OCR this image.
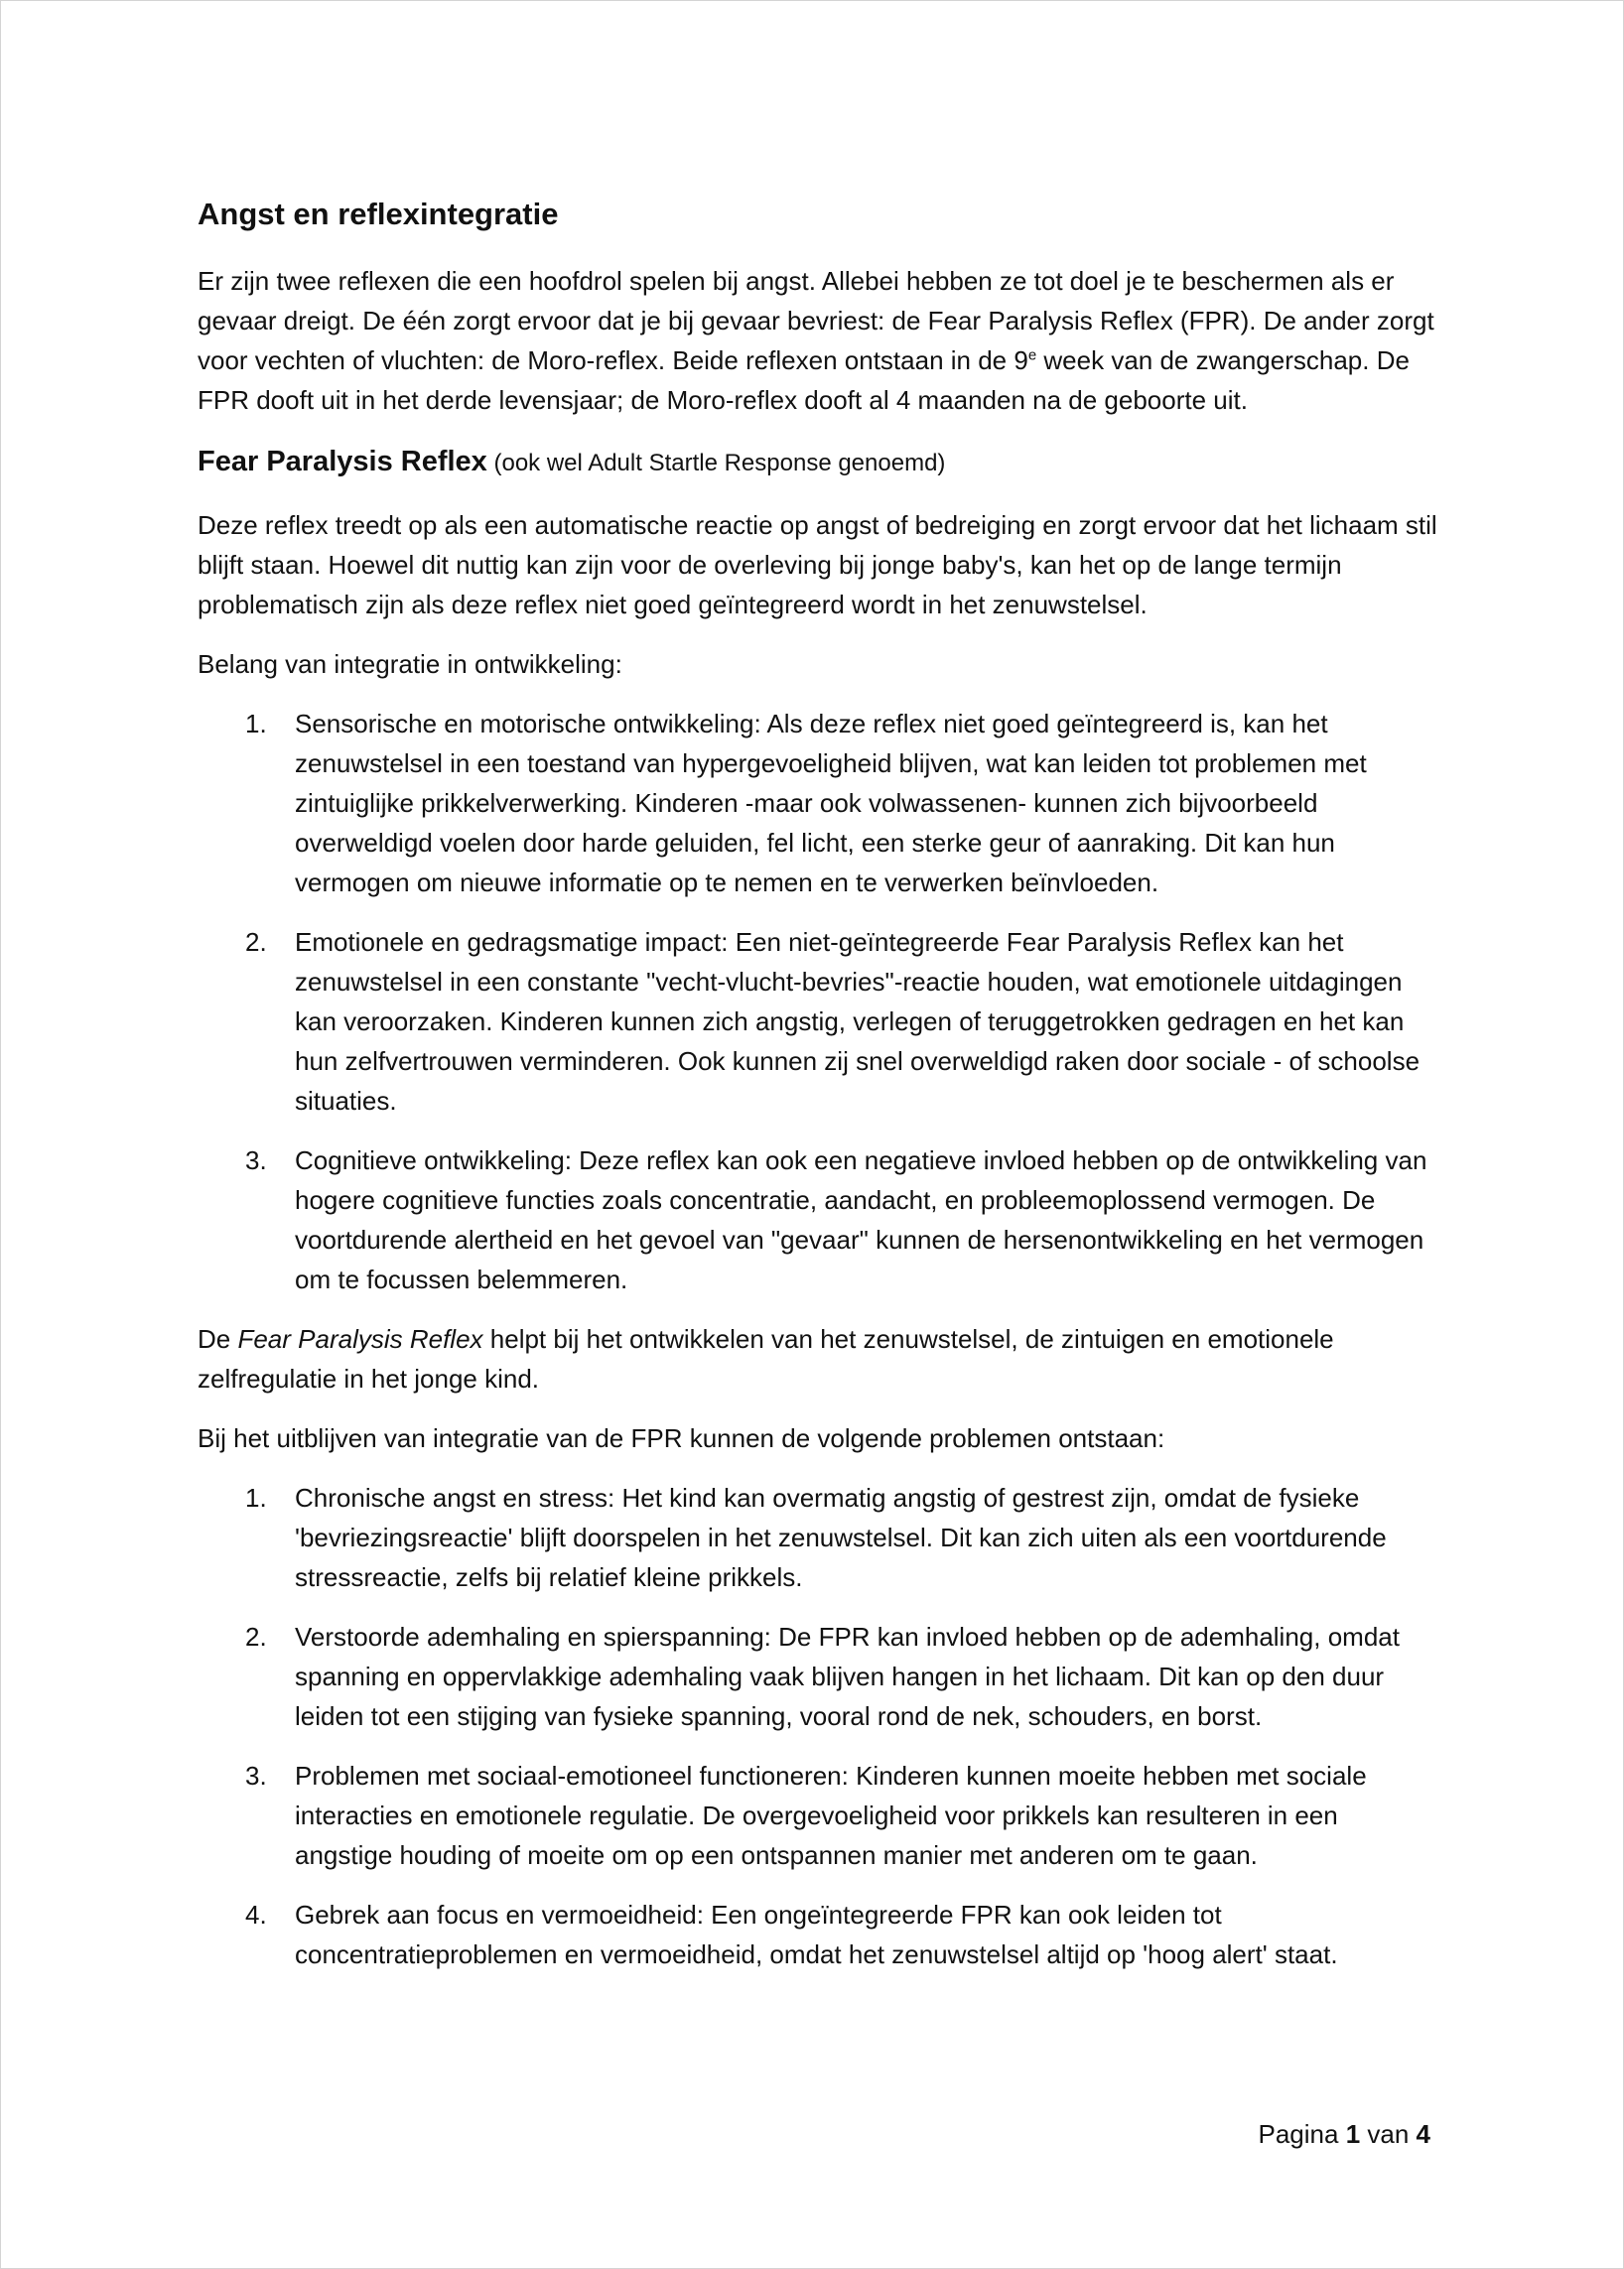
Angst en reflexintegratie

Er zijn twee reflexen die een hoofdrol spelen bij angst. Allebei hebben ze tot doel je te beschermen als er gevaar dreigt. De één zorgt ervoor dat je bij gevaar bevriest: de Fear Paralysis Reflex (FPR). De ander zorgt voor vechten of vluchten: de Moro-reflex. Beide reflexen ontstaan in de 9e week van de zwangerschap. De FPR dooft uit in het derde levensjaar; de Moro-reflex dooft al 4 maanden na de geboorte uit.

Fear Paralysis Reflex (ook wel Adult Startle Response genoemd)

Deze reflex treedt op als een automatische reactie op angst of bedreiging en zorgt ervoor dat het lichaam stil blijft staan. Hoewel dit nuttig kan zijn voor de overleving bij jonge baby's, kan het op de lange termijn problematisch zijn als deze reflex niet goed geïntegreerd wordt in het zenuwstelsel.

Belang van integratie in ontwikkeling:

1. Sensorische en motorische ontwikkeling: Als deze reflex niet goed geïntegreerd is, kan het zenuwstelsel in een toestand van hypergevoeligheid blijven, wat kan leiden tot problemen met zintuiglijke prikkelverwerking. Kinderen -maar ook volwassenen- kunnen zich bijvoorbeeld overweldigd voelen door harde geluiden, fel licht, een sterke geur of aanraking. Dit kan hun vermogen om nieuwe informatie op te nemen en te verwerken beïnvloeden.
2. Emotionele en gedragsmatige impact: Een niet-geïntegreerde Fear Paralysis Reflex kan het zenuwstelsel in een constante "vecht-vlucht-bevries"-reactie houden, wat emotionele uitdagingen kan veroorzaken. Kinderen kunnen zich angstig, verlegen of teruggetrokken gedragen en het kan hun zelfvertrouwen verminderen. Ook kunnen zij snel overweldigd raken door sociale - of schoolse situaties.
3. Cognitieve ontwikkeling: Deze reflex kan ook een negatieve invloed hebben op de ontwikkeling van hogere cognitieve functies zoals concentratie, aandacht, en probleemoplossend vermogen. De voortdurende alertheid en het gevoel van "gevaar" kunnen de hersenontwikkeling en het vermogen om te focussen belemmeren.

De Fear Paralysis Reflex helpt bij het ontwikkelen van het zenuwstelsel, de zintuigen en emotionele zelfregulatie in het jonge kind.

Bij het uitblijven van integratie van de FPR kunnen de volgende problemen ontstaan:

1. Chronische angst en stress: Het kind kan overmatig angstig of gestrest zijn, omdat de fysieke 'bevriezingsreactie' blijft doorspelen in het zenuwstelsel. Dit kan zich uiten als een voortdurende stressreactie, zelfs bij relatief kleine prikkels.
2. Verstoorde ademhaling en spierspanning: De FPR kan invloed hebben op de ademhaling, omdat spanning en oppervlakkige ademhaling vaak blijven hangen in het lichaam. Dit kan op den duur leiden tot een stijging van fysieke spanning, vooral rond de nek, schouders, en borst.
3. Problemen met sociaal-emotioneel functioneren: Kinderen kunnen moeite hebben met sociale interacties en emotionele regulatie. De overgevoeligheid voor prikkels kan resulteren in een angstige houding of moeite om op een ontspannen manier met anderen om te gaan.
4. Gebrek aan focus en vermoeidheid: Een ongeïntegreerde FPR kan ook leiden tot concentratieproblemen en vermoeidheid, omdat het zenuwstelsel altijd op 'hoog alert' staat.
Pagina 1 van 4
